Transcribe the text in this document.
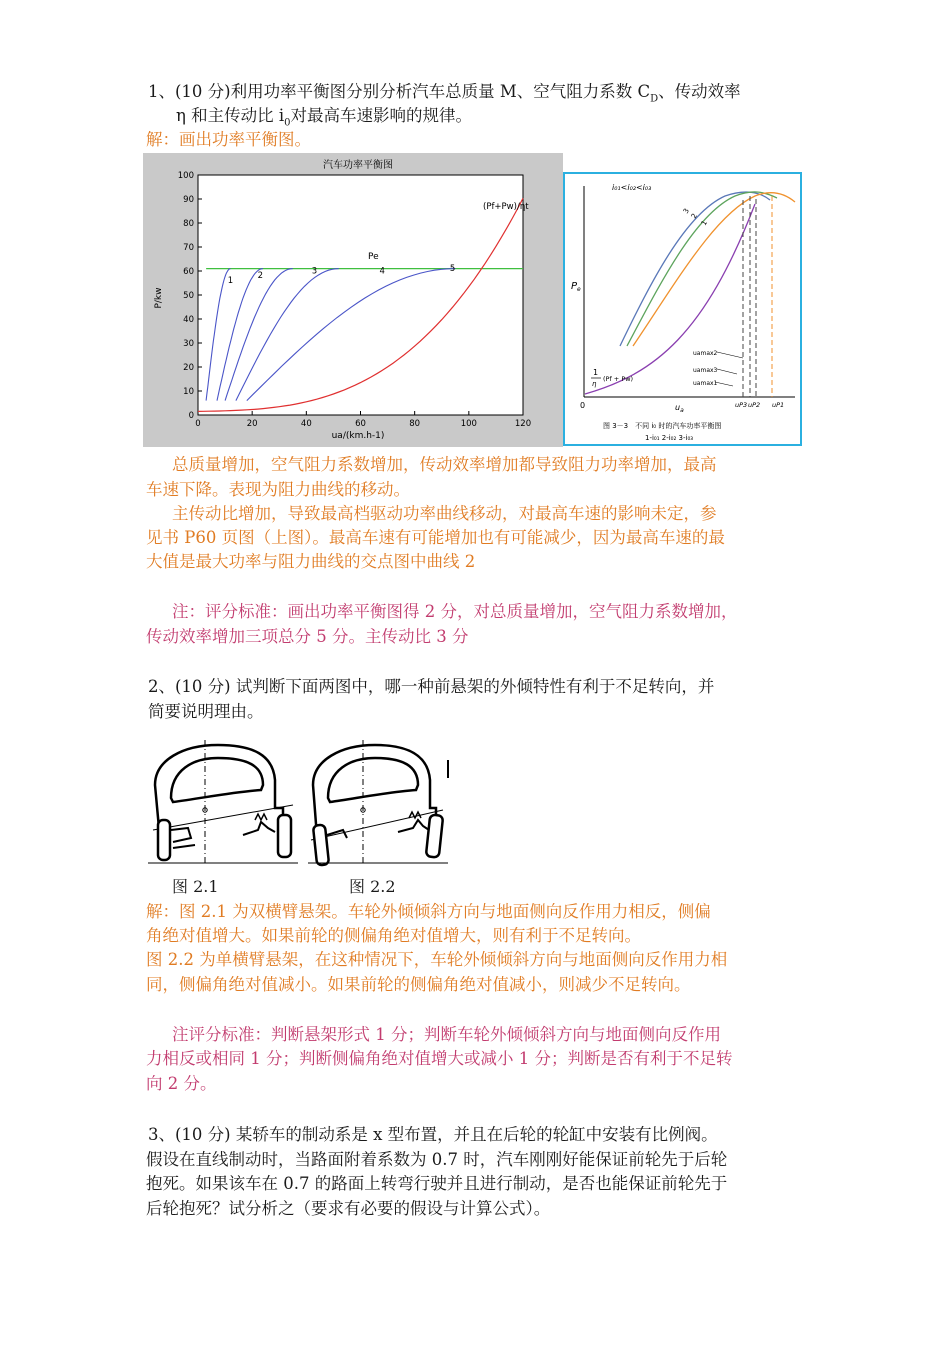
1、(10 分)利用功率平衡图分别分析汽车总质量 M、空气阻力系数 $C_D$、传动效率
η 和主传动比 $i_0$对最高车速影响的规律。
解：画出功率平衡图。
汽车功率平衡图
0
10
20
30
40
50
60
70
80
90
100
0	20	40	60	80	100	120
1	2	3	4	5
ua/(km.h-1)
P/kw
Pe
(Pf+Pw)/ηt
i₀₁<i₀₂<i₀₃
$P_e$
0	$u_a$
3
2
1
1
η
(Pf + Pw)
uamax2
uamax3
uamax1
uP3 uP2 uP1
图 3－3　不同 i₀ 时的汽车功率平衡图
1-i₀₁ 2-i₀₂ 3-i₀₃
总质量增加，空气阻力系数增加，传动效率增加都导致阻力功率增加，最高
车速下降。表现为阻力曲线的移动。
主传动比增加，导致最高档驱动功率曲线移动，对最高车速的影响未定，参
见书 P60 页图（上图）。最高车速有可能增加也有可能减少，因为最高车速的最
大值是最大功率与阻力曲线的交点图中曲线 2
注：评分标准：画出功率平衡图得 2 分，对总质量增加，空气阻力系数增加，
传动效率增加三项总分 5 分。主传动比 3 分
2、(10 分) 试判断下面两图中，哪一种前悬架的外倾特性有利于不足转向，并
简要说明理由。
图 2.1	图 2.2
解：图 2.1 为双横臂悬架。车轮外倾倾斜方向与地面侧向反作用力相反，侧偏
角绝对值增大。如果前轮的侧偏角绝对值增大，则有利于不足转向。
图 2.2 为单横臂悬架，在这种情况下，车轮外倾倾斜方向与地面侧向反作用力相
同，侧偏角绝对值减小。如果前轮的侧偏角绝对值减小，则减少不足转向。
注评分标准：判断悬架形式 1 分；判断车轮外倾倾斜方向与地面侧向反作用
力相反或相同 1 分；判断侧偏角绝对值增大或减小 1 分；判断是否有利于不足转
向 2 分。
3、(10 分) 某轿车的制动系是 x 型布置，并且在后轮的轮缸中安装有比例阀。
假设在直线制动时，当路面附着系数为 0.7 时，汽车刚刚好能保证前轮先于后轮
抱死。如果该车在 0.7 的路面上转弯行驶并且进行制动，是否也能保证前轮先于
后轮抱死？试分析之（要求有必要的假设与计算公式）。
